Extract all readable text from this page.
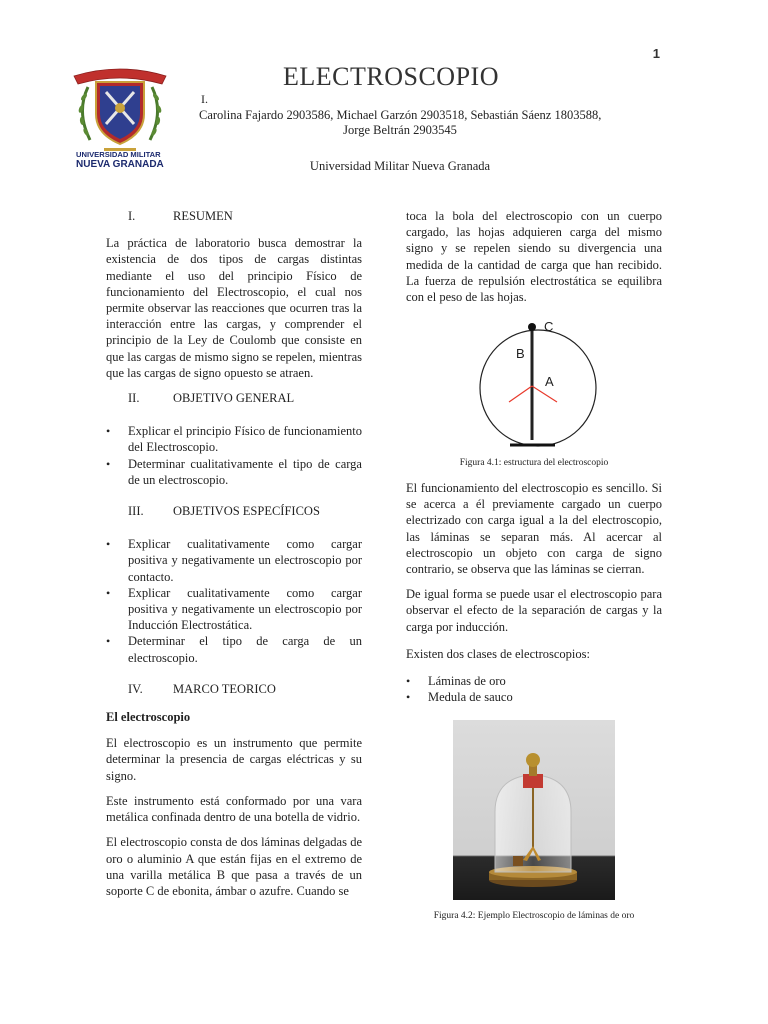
1
UNIVERSIDAD MILITAR
NUEVA GRANADA
ELECTROSCOPIO
I.
Carolina Fajardo 2903586, Michael Garzón 2903518, Sebastián Sáenz 1803588,
Jorge Beltrán 2903545
Universidad Militar Nueva Granada
I.	RESUMEN

La práctica de laboratorio busca demostrar la existencia de dos tipos de cargas distintas mediante el uso del principio Físico de funcionamiento del Electroscopio, el cual nos permite observar las reacciones que ocurren tras la interacción entre las cargas, y comprender el principio de la Ley de Coulomb que consiste en que las cargas de mismo signo se repelen, mientras que las cargas de signo opuesto se atraen.

II.	OBJETIVO GENERAL
• Explicar el principio Físico de funcionamiento del Electroscopio.
• Determinar cualitativamente el tipo de carga de un electroscopio.
III.	OBJETIVOS ESPECÍFICOS
• Explicar cualitativamente como cargar positiva y negativamente un electroscopio por contacto.
• Explicar cualitativamente como cargar positiva y negativamente un electroscopio por Inducción Electrostática.
• Determinar el tipo de carga de un electroscopio.
IV.	MARCO TEORICO

El electroscopio

El electroscopio es un instrumento que permite determinar la presencia de cargas eléctricas y su signo.

Este instrumento está conformado por una vara metálica confinada dentro de una botella de vidrio.

El electroscopio consta de dos láminas delgadas de oro o aluminio A que están fijas en el extremo de una varilla metálica B que pasa a través de un soporte C de ebonita, ámbar o azufre. Cuando se

toca la bola del electroscopio con un cuerpo cargado, las hojas adquieren carga del mismo signo y se repelen siendo su divergencia una medida de la cantidad de carga que han recibido. La fuerza de repulsión electrostática se equilibra con el peso de las hojas.

C
B
A
Figura 4.1: estructura del electroscopio

El funcionamiento del electroscopio es sencillo. Si se acerca a él previamente cargado un cuerpo electrizado con carga igual a la del electroscopio, las láminas se separan más. Al acercar al electroscopio un objeto con carga de signo contrario, se observa que las láminas se cierran.

De igual forma se puede usar el electroscopio para observar el efecto de la separación de cargas y la carga por inducción.

Existen dos clases de electroscopios:

• Láminas de oro
• Medula de sauco
Figura 4.2: Ejemplo Electroscopio de láminas de oro
